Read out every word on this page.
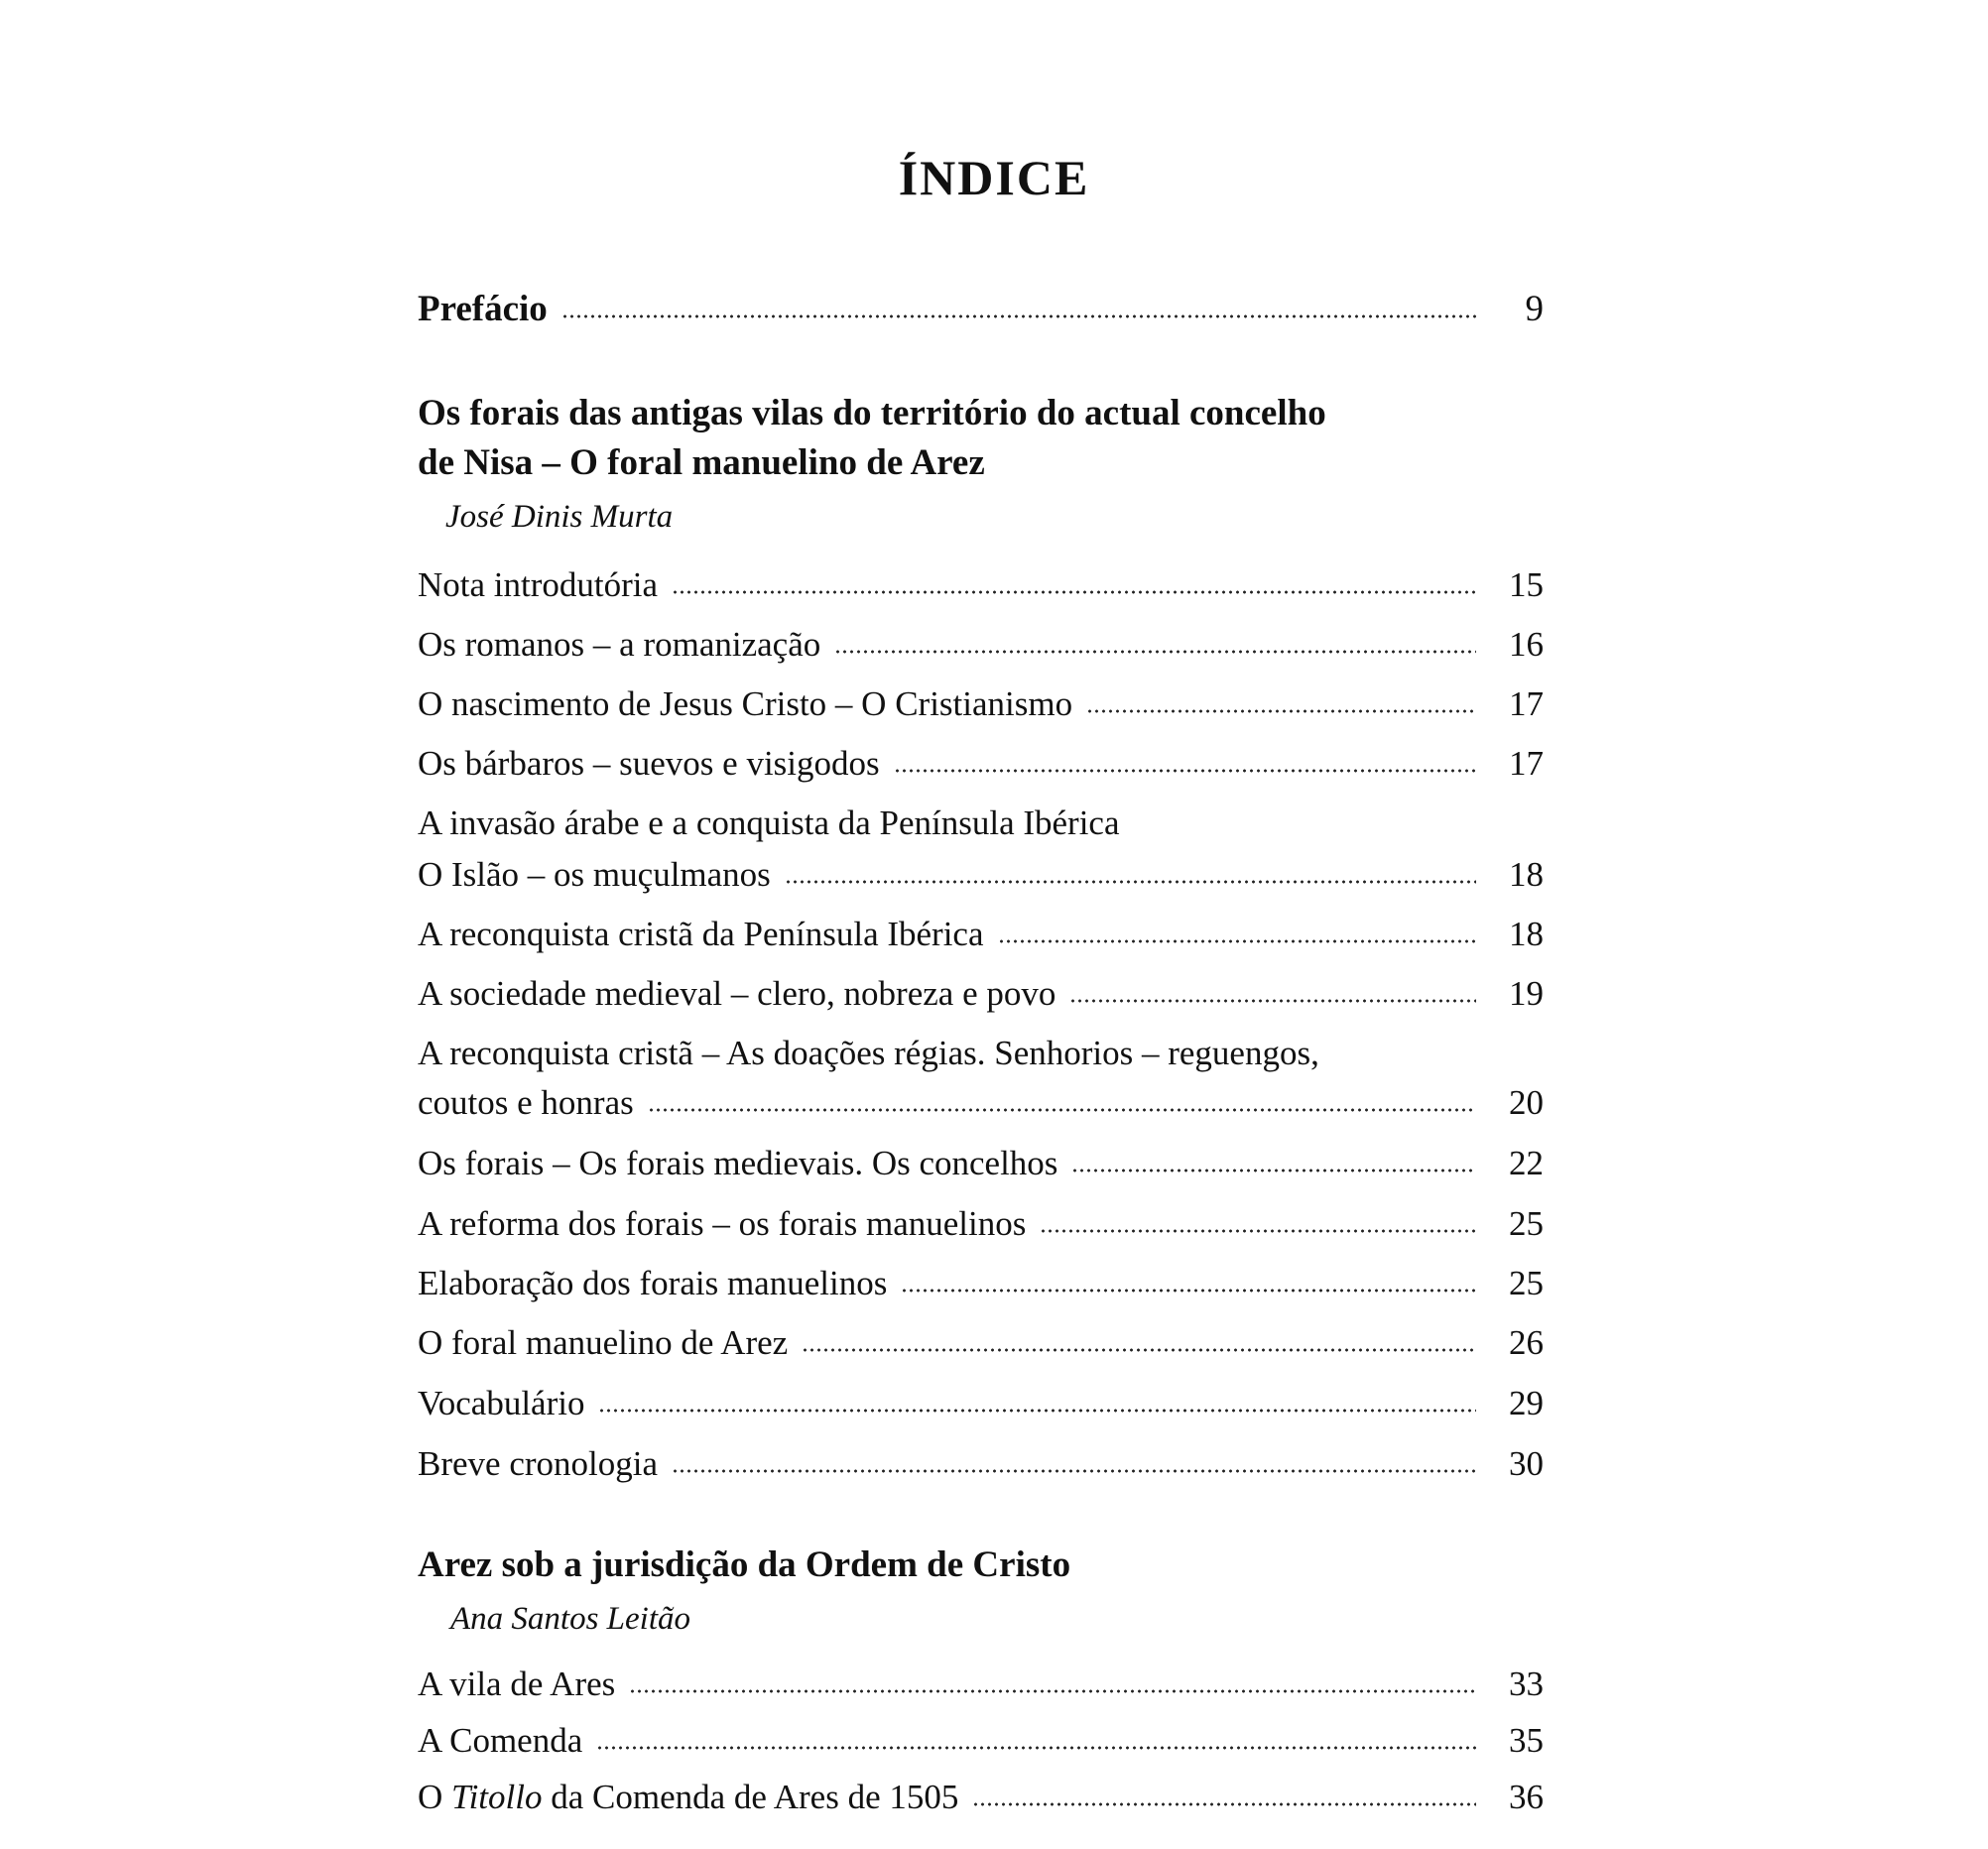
ÍNDICE
Prefácio	9
Os forais das antigas vilas do território do actual concelho
de Nisa – O foral manuelino de Arez
José Dinis Murta
Nota introdutória	15
Os romanos – a romanização	16
O nascimento de Jesus Cristo – O Cristianismo	17
Os bárbaros – suevos e visigodos	17
A invasão árabe e a conquista da Península Ibérica
O Islão – os muçulmanos	18
A reconquista cristã da Península Ibérica	18
A sociedade medieval – clero, nobreza e povo	19
A reconquista cristã – As doações régias. Senhorios – reguengos,
coutos e honras	20
Os forais – Os forais medievais. Os concelhos	22
A reforma dos forais – os forais manuelinos	25
Elaboração dos forais manuelinos	25
O foral manuelino de Arez	26
Vocabulário	29
Breve cronologia	30
Arez sob a jurisdição da Ordem de Cristo
Ana Santos Leitão
A vila de Ares	33
A Comenda	35
O Titollo da Comenda de Ares de 1505	36
